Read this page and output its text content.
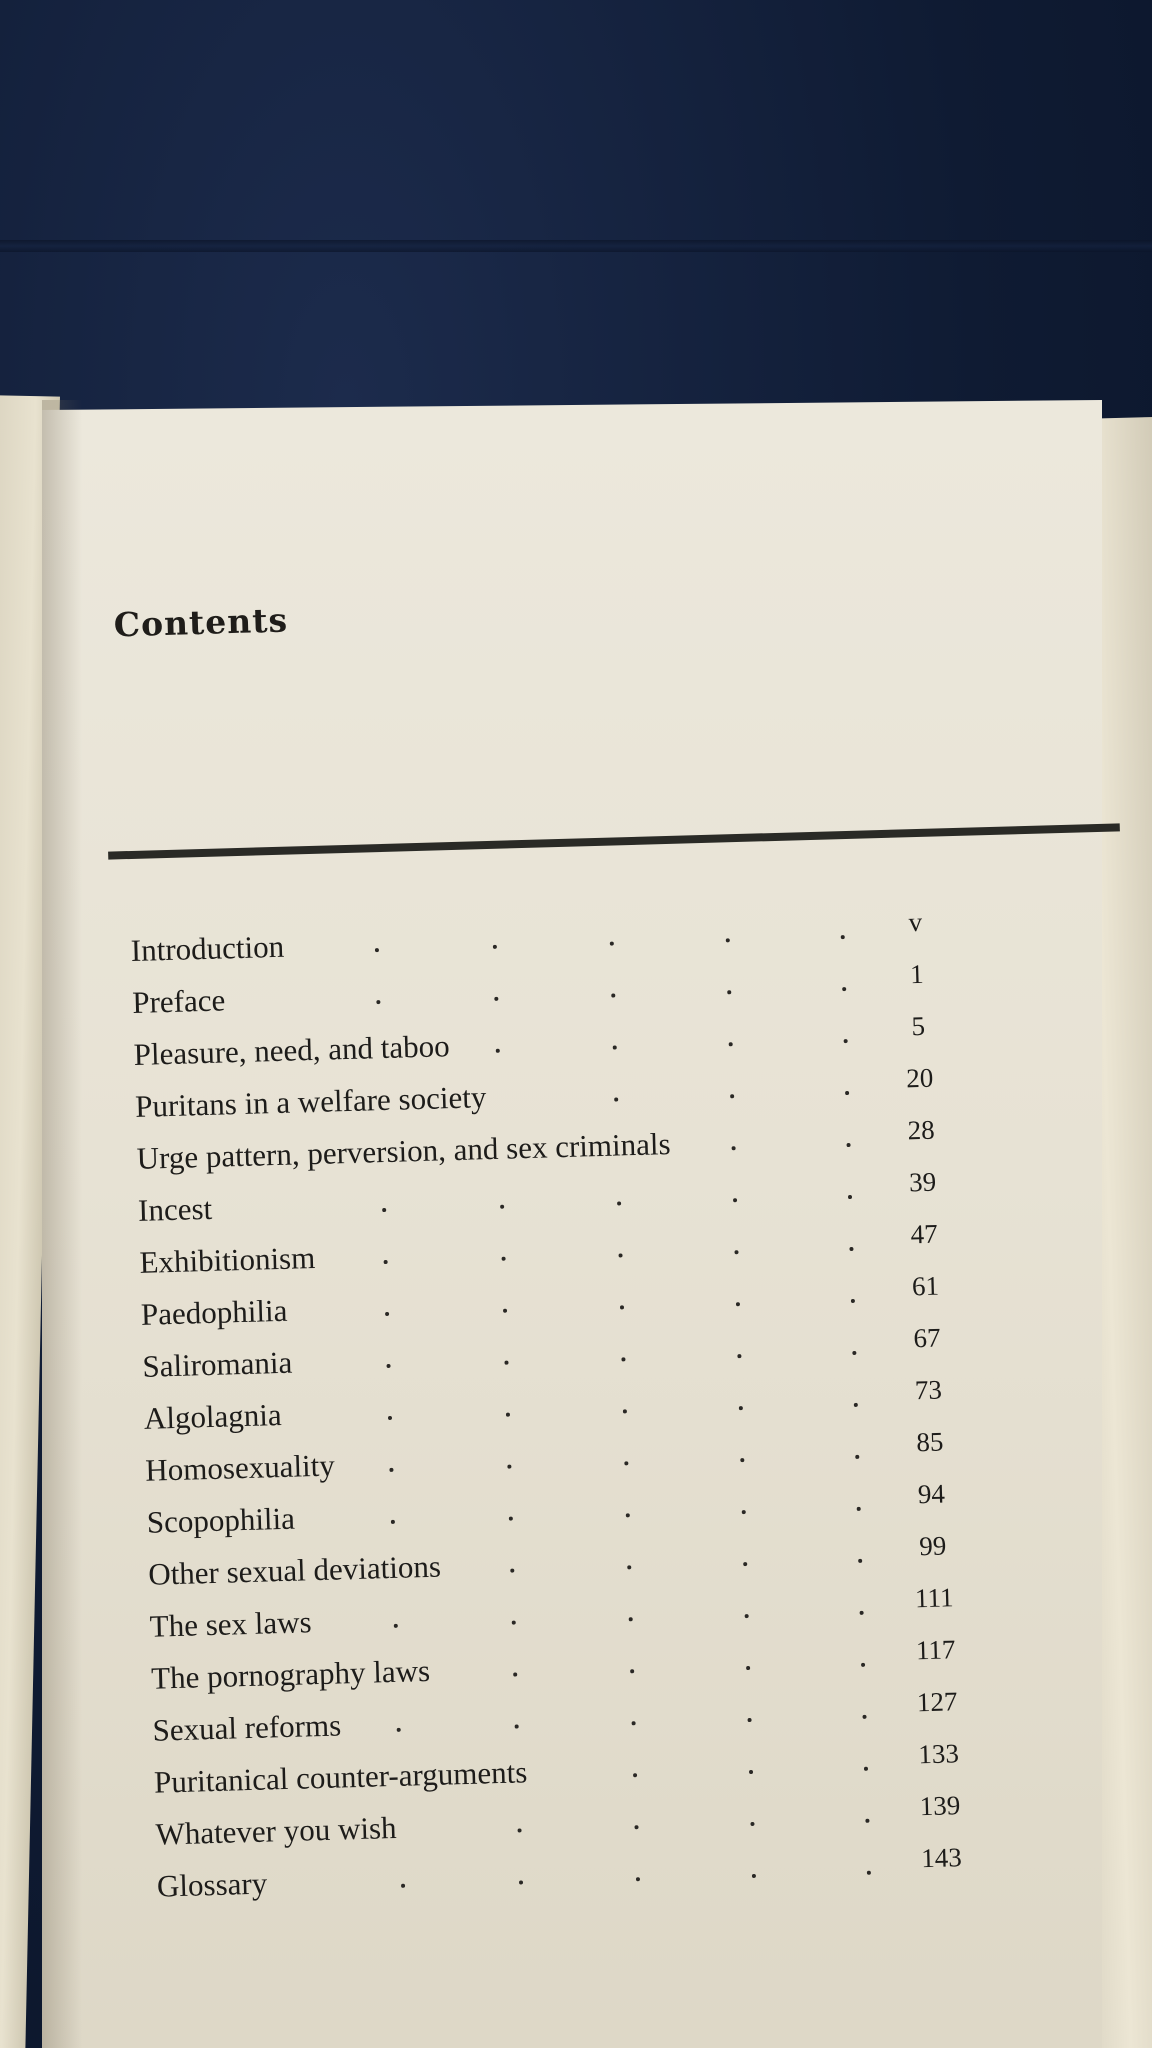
Contents
Introduction
v
Preface
1
Pleasure, need, and taboo
5
Puritans in a welfare society
20
Urge pattern, perversion, and sex criminals	28
Incest
39
Exhibitionism
47
Paedophilia
61
Saliromania
67
Algolagnia
73
Homosexuality
85
Scopophilia
94
Other sexual deviations
99
The sex laws
111
The pornography laws
117
Sexual reforms
127
Puritanical counter-arguments
133
Whatever you wish
139
Glossary
143
